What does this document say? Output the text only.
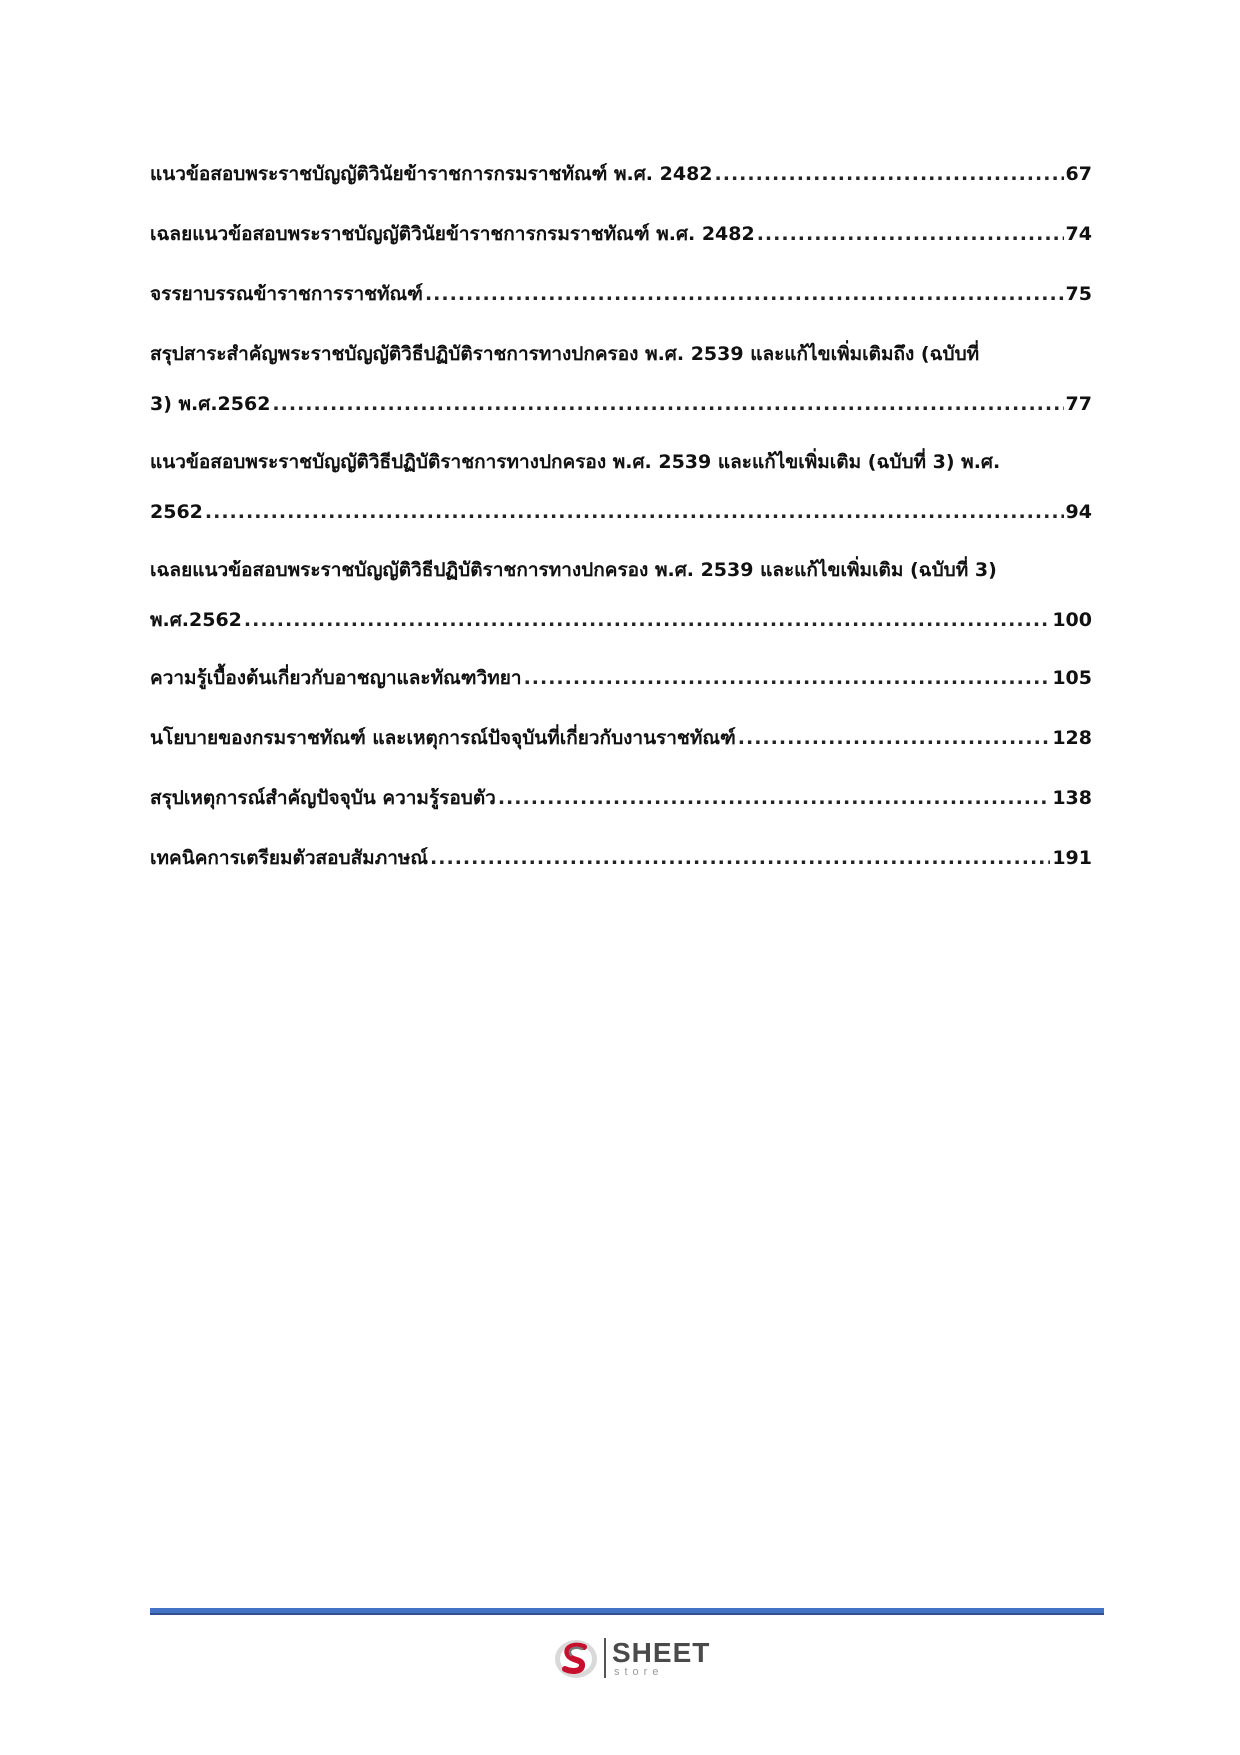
แนวข้อสอบพระราชบัญญัติวินัยข้าราชการกรมราชทัณฑ์ พ.ศ. 2482 .....	67
เฉลยแนวข้อสอบพระราชบัญญัติวินัยข้าราชการกรมราชทัณฑ์ พ.ศ. 2482 .....	74
จรรยาบรรณข้าราชการราชทัณฑ์ .....	75
สรุปสาระสำคัญพระราชบัญญัติวิธีปฏิบัติราชการทางปกครอง พ.ศ. 2539 และแก้ไขเพิ่มเติมถึง (ฉบับที่
3) พ.ศ.2562 .....	77
แนวข้อสอบพระราชบัญญัติวิธีปฏิบัติราชการทางปกครอง พ.ศ. 2539 และแก้ไขเพิ่มเติม (ฉบับที่ 3) พ.ศ.
2562 .....	94
เฉลยแนวข้อสอบพระราชบัญญัติวิธีปฏิบัติราชการทางปกครอง พ.ศ. 2539 และแก้ไขเพิ่มเติม (ฉบับที่ 3)
พ.ศ.2562 .....	100
ความรู้เบื้องต้นเกี่ยวกับอาชญาและทัณฑวิทยา .....	105
นโยบายของกรมราชทัณฑ์ และเหตุการณ์ปัจจุบันที่เกี่ยวกับงานราชทัณฑ์ .....	128
สรุปเหตุการณ์สำคัญปัจจุบัน ความรู้รอบตัว .....	138
เทคนิคการเตรียมตัวสอบสัมภาษณ์ .....	191
SHEET
store
